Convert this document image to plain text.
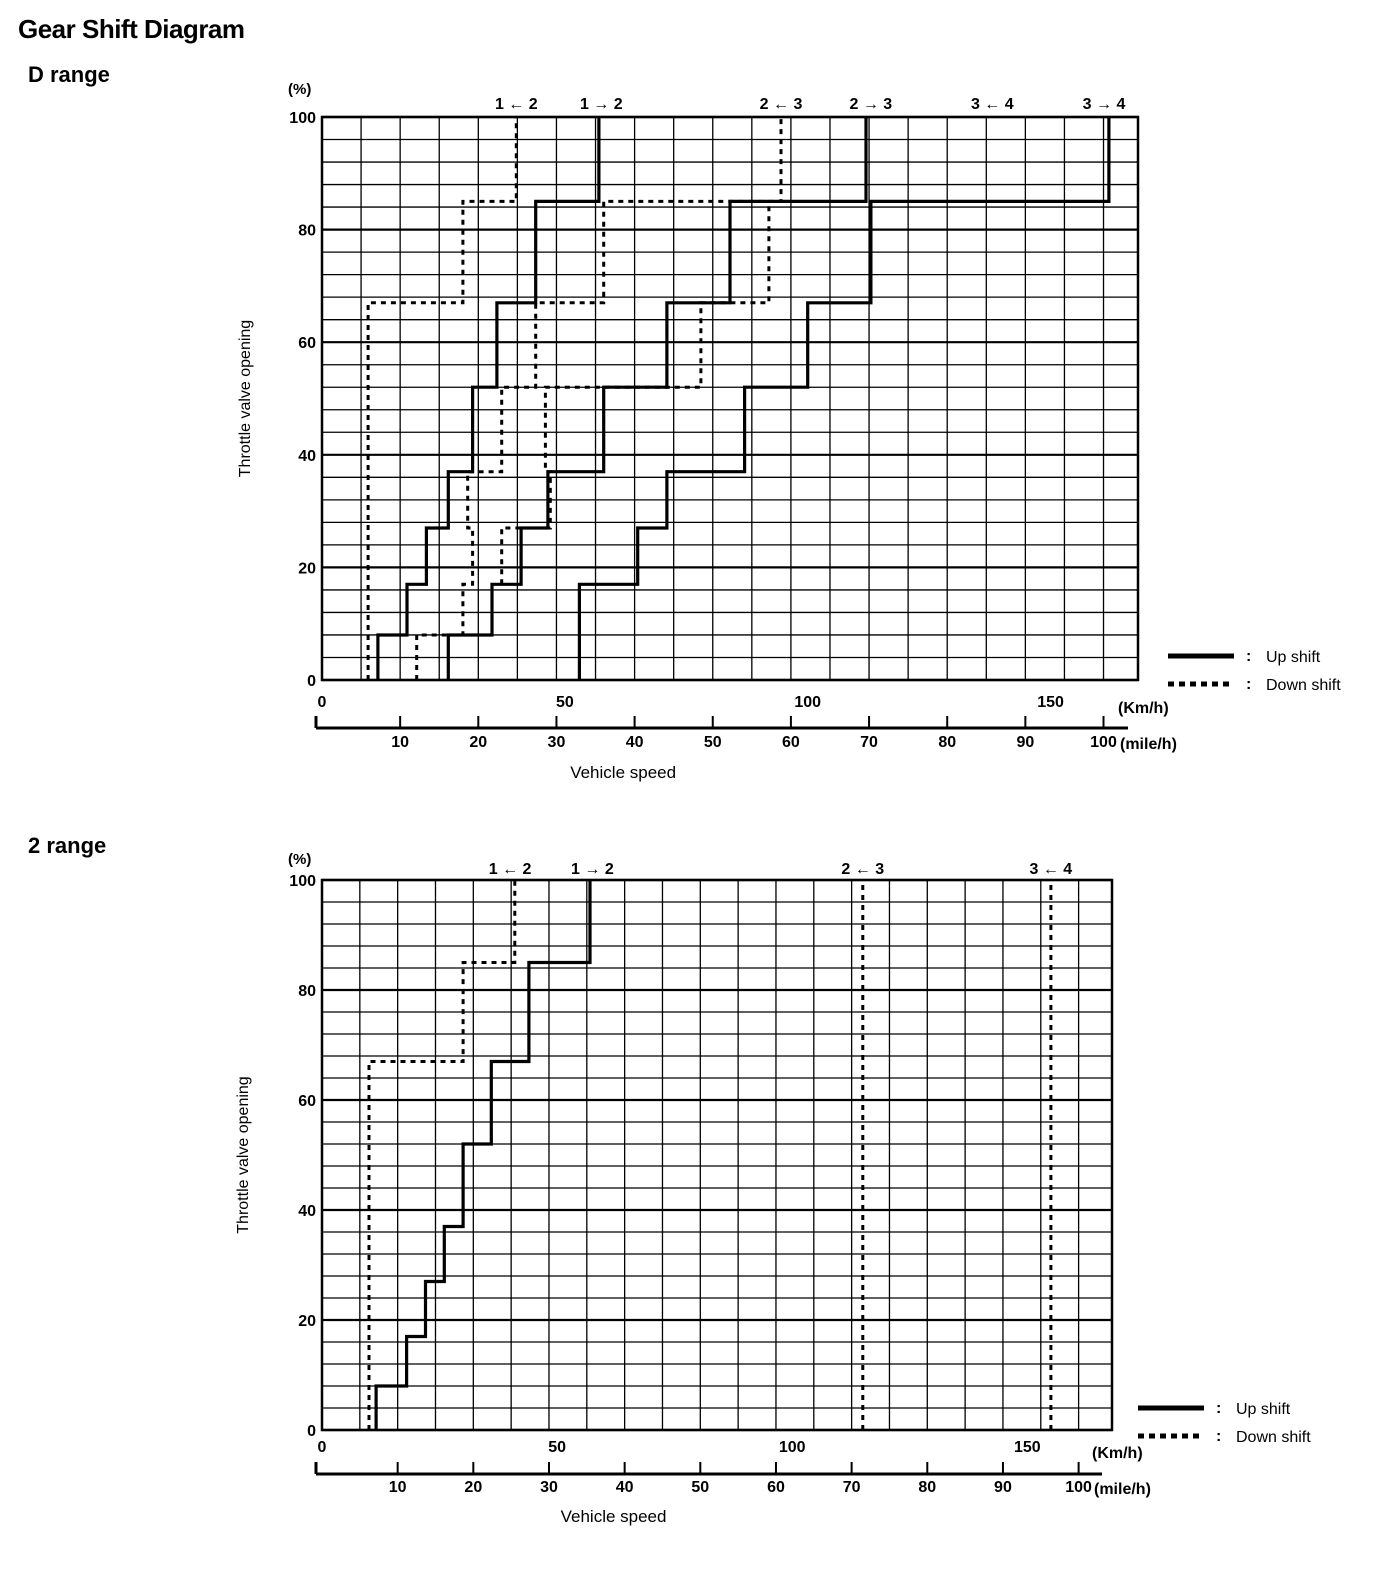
Gear Shift Diagram
D range
2 range
0
20
40
60
80
100
(%)
Throttle valve opening
0	50	100	150	(Km/h)
10	20	30	40	50	60	70	80	90	100 (mile/h)
Vehicle speed
1 ← 2	1 → 2	2 ← 3	2 → 3	3 ← 4	3 → 4
:
:
Up shift
Down shift
0
20
40
60
80
100
(%)
Throttle valve opening
0	50	100	150	(Km/h)
10	20	30	40	50	60	70	80	90	100 (mile/h)
Vehicle speed
1 ← 2 1 → 2	2 ← 3	3 ← 4
:
:
Up shift
Down shift
